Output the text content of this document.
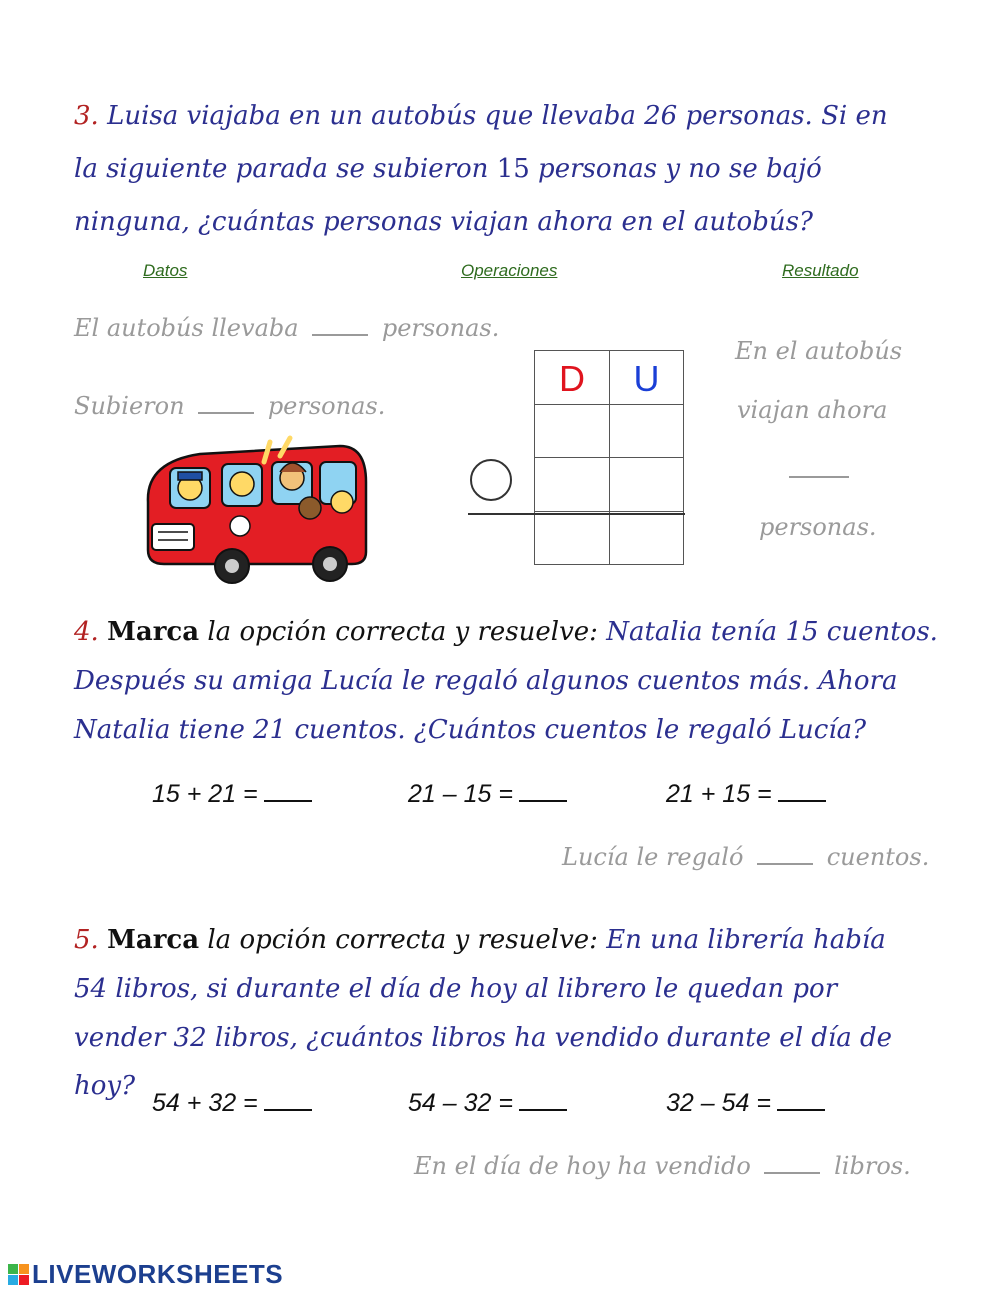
3. Luisa viajaba en un autobús que llevaba 26 personas. Si en
la siguiente parada se subieron 15 personas y no se bajó
ninguna, ¿cuántas personas viajan ahora en el autobús?
Datos	Operaciones	Resultado
El autobús llevaba	personas.
Subieron	personas.
D	U
En el autobús
viajan ahora
personas.
4. Marca la opción correcta y resuelve: Natalia tenía 15 cuentos.
Después su amiga Lucía le regaló algunos cuentos más. Ahora
Natalia tiene 21 cuentos. ¿Cuántos cuentos le regaló Lucía?
15 + 21 =	21 – 15 =	21 + 15 =
Lucía le regaló	cuentos.
5. Marca la opción correcta y resuelve: En una librería había
54 libros, si durante el día de hoy al librero le quedan por
vender 32 libros, ¿cuántos libros ha vendido durante el día de
hoy?
54 + 32 =	54 – 32 =	32 – 54 =
En el día de hoy ha vendido	libros.
LIVEWORKSHEETS
